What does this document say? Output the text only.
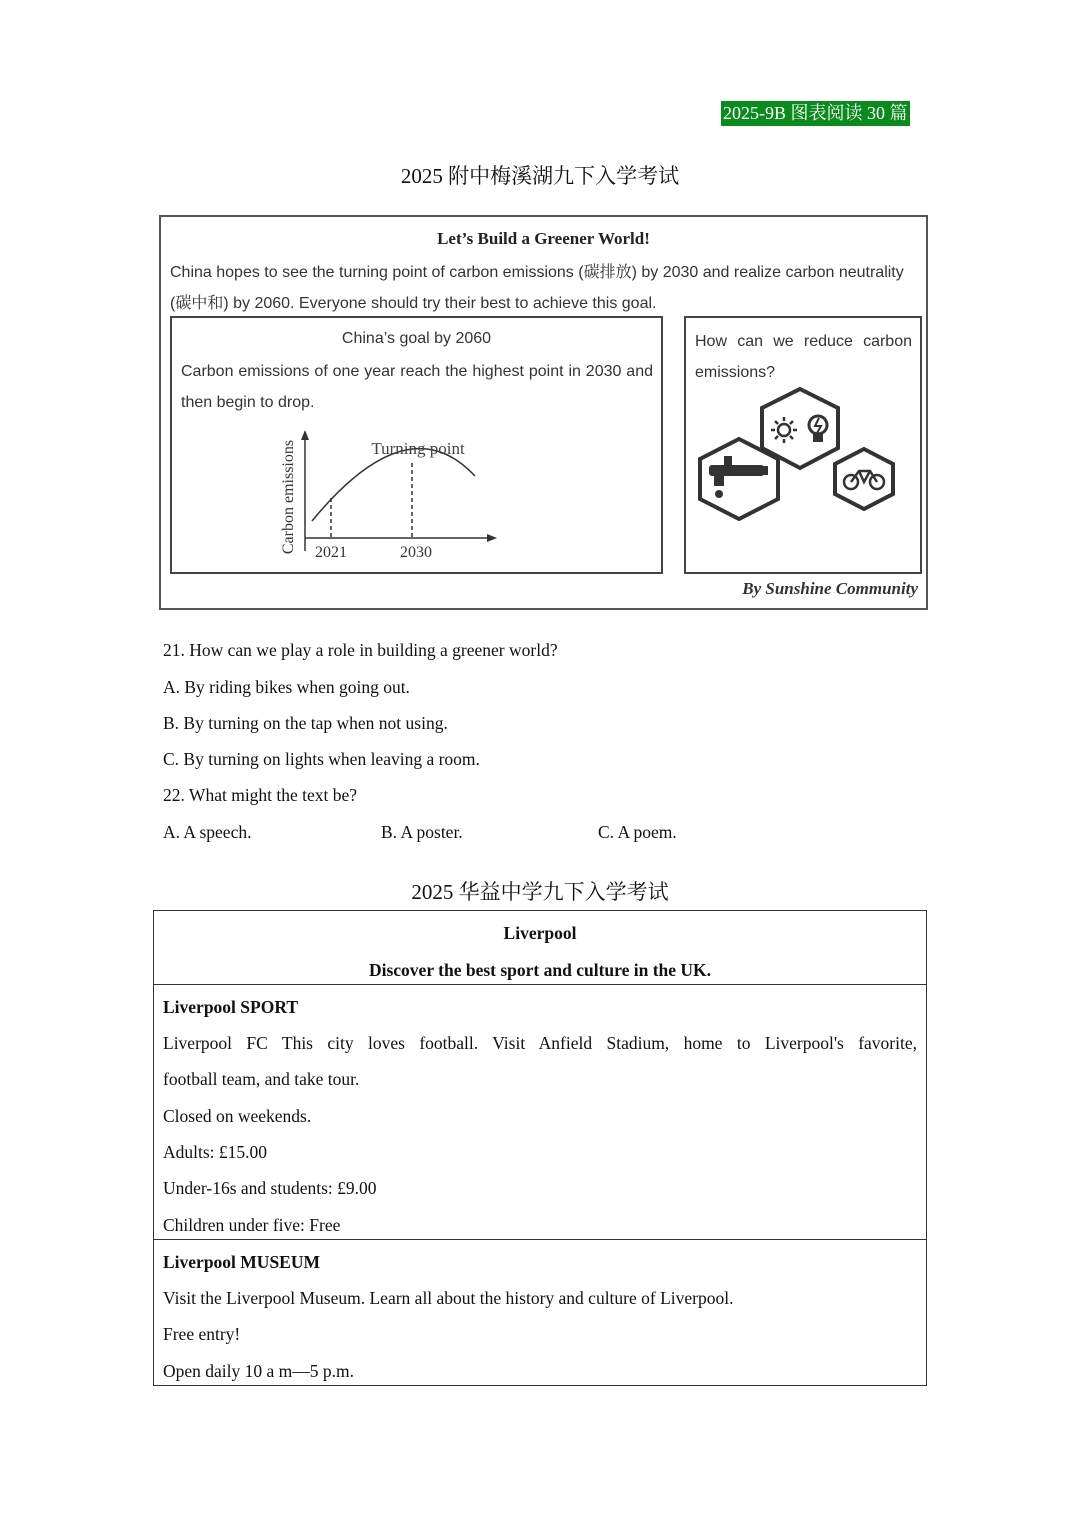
2025-9B 图表阅读 30 篇
2025 附中梅溪湖九下入学考试
Let’s Build a Greener World!
China hopes to see the turning point of carbon emissions (碳排放) by 2030 and realize carbon neutrality
(碳中和) by 2060. Everyone should try their best to achieve this goal.
China’s goal by 2060
Carbon emissions of one year reach the highest point in 2030 and then begin to drop.
Carbon emissions	Turning point
2021	2030
How can we reduce carbon emissions?
By Sunshine Community
21. How can we play a role in building a greener world?
A. By riding bikes when going out.
B. By turning on the tap when not using.
C. By turning on lights when leaving a room.
22. What might the text be?
A. A speech.	B. A poster.	C. A poem.
2025 华益中学九下入学考试
Liverpool
Discover the best sport and culture in the UK.
Liverpool SPORT
Liverpool FC This city loves football. Visit Anfield Stadium, home to Liverpool's favorite,
football team, and take tour.
Closed on weekends.
Adults: £15.00
Under-16s and students: £9.00
Children under five: Free
Liverpool MUSEUM
Visit the Liverpool Museum. Learn all about the history and culture of Liverpool.
Free entry!
Open daily 10 a m—5 p.m.
